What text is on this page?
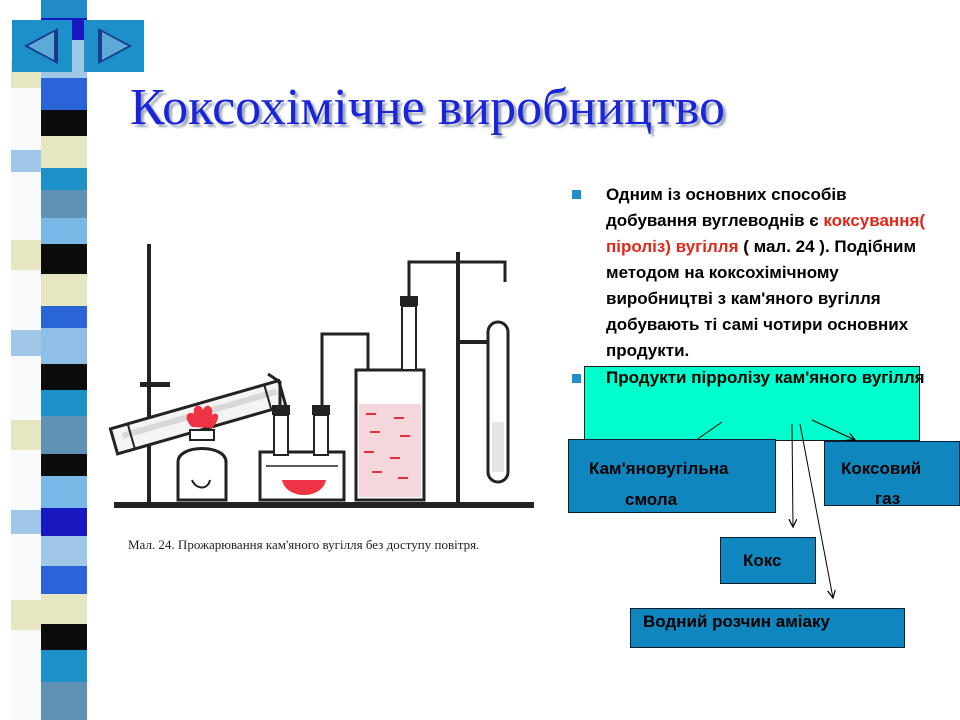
Коксохімічне виробництво
Мал. 24. Прожарювання кам'яного вугілля без доступу повітря.
Одним із основних способів добування вуглеводнів є коксування( піроліз) вугілля ( мал. 24 ). Подібним методом на коксохімічному виробництві з кам'яного вугілля добувають ті самі чотири основних продукти.
Продукти пірролізу кам'яного вугілля
Кам'яновугільна
смола
Коксовий
газ
Кокс
Водний розчин аміаку
